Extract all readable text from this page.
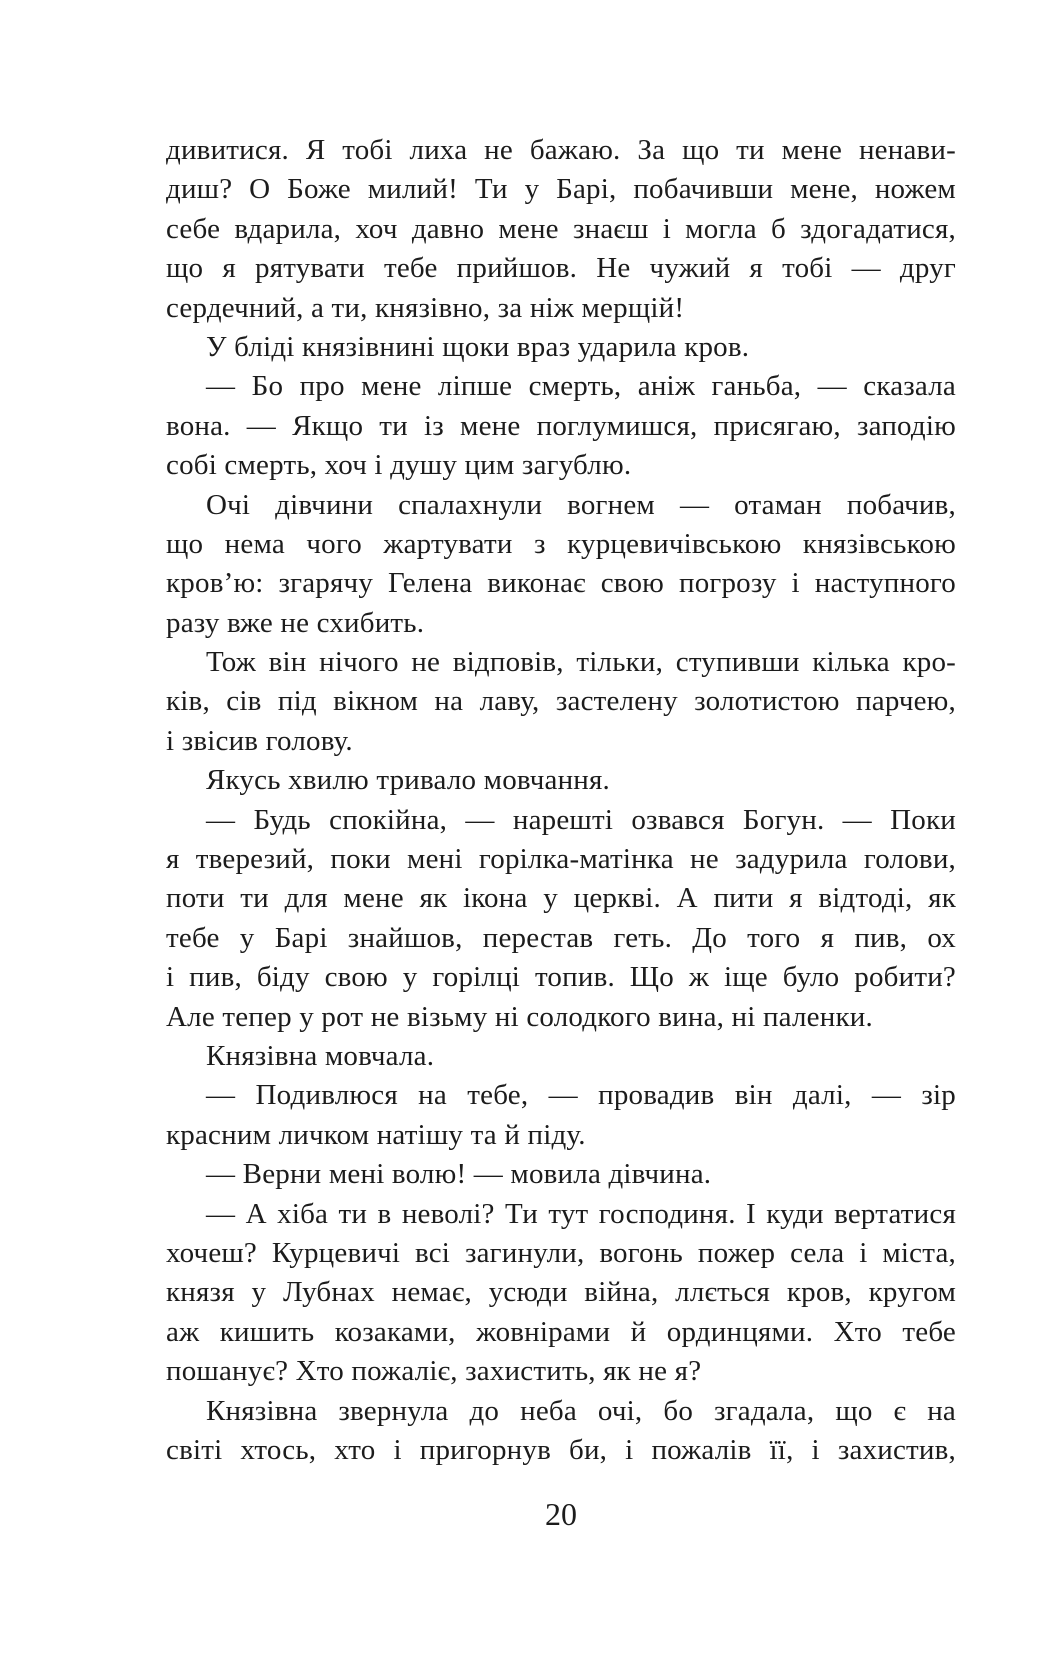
дивитися. Я тобі лиха не бажаю. За що ти мене ненави-
диш? О Боже милий! Ти у Барі, побачивши мене, ножем
себе вдарила, хоч давно мене знаєш і могла б здогадатися,
що я рятувати тебе прийшов. Не чужий я тобі — друг
сердечний, а ти, князівно, за ніж мерщій!
У бліді князівнині щоки враз ударила кров.
— Бо про мене ліпше смерть, аніж ганьба, — сказала
вона. — Якщо ти із мене поглумишся, присягаю, заподію
собі смерть, хоч і душу цим загублю.
Очі дівчини спалахнули вогнем — отаман побачив,
що нема чого жартувати з курцевичівською князівською
кров’ю: згарячу Гелена виконає свою погрозу і наступного
разу вже не схибить.
Тож він нічого не відповів, тільки, ступивши кілька кро-
ків, сів під вікном на лаву, застелену золотистою парчею,
і звісив голову.
Якусь хвилю тривало мовчання.
— Будь спокійна, — нарешті озвався Богун. — Поки
я тверезий, поки мені горілка-матінка не задурила голови,
поти ти для мене як ікона у церкві. А пити я відтоді, як
тебе у Барі знайшов, перестав геть. До того я пив, ох
і пив, біду свою у горілці топив. Що ж іще було робити?
Але тепер у рот не візьму ні солодкого вина, ні паленки.
Князівна мовчала.
— Подивлюся на тебе, — провадив він далі, — зір
красним личком натішу та й піду.
— Верни мені волю! — мовила дівчина.
— А хіба ти в неволі? Ти тут господиня. І куди вертатися
хочеш? Курцевичі всі загинули, вогонь пожер села і міста,
князя у Лубнах немає, усюди війна, ллється кров, кругом
аж кишить козаками, жовнірами й ординцями. Хто тебе
пошанує? Хто пожаліє, захистить, як не я?
Князівна звернула до неба очі, бо згадала, що є на
світі хтось, хто і пригорнув би, і пожалів її, і захистив,
20
